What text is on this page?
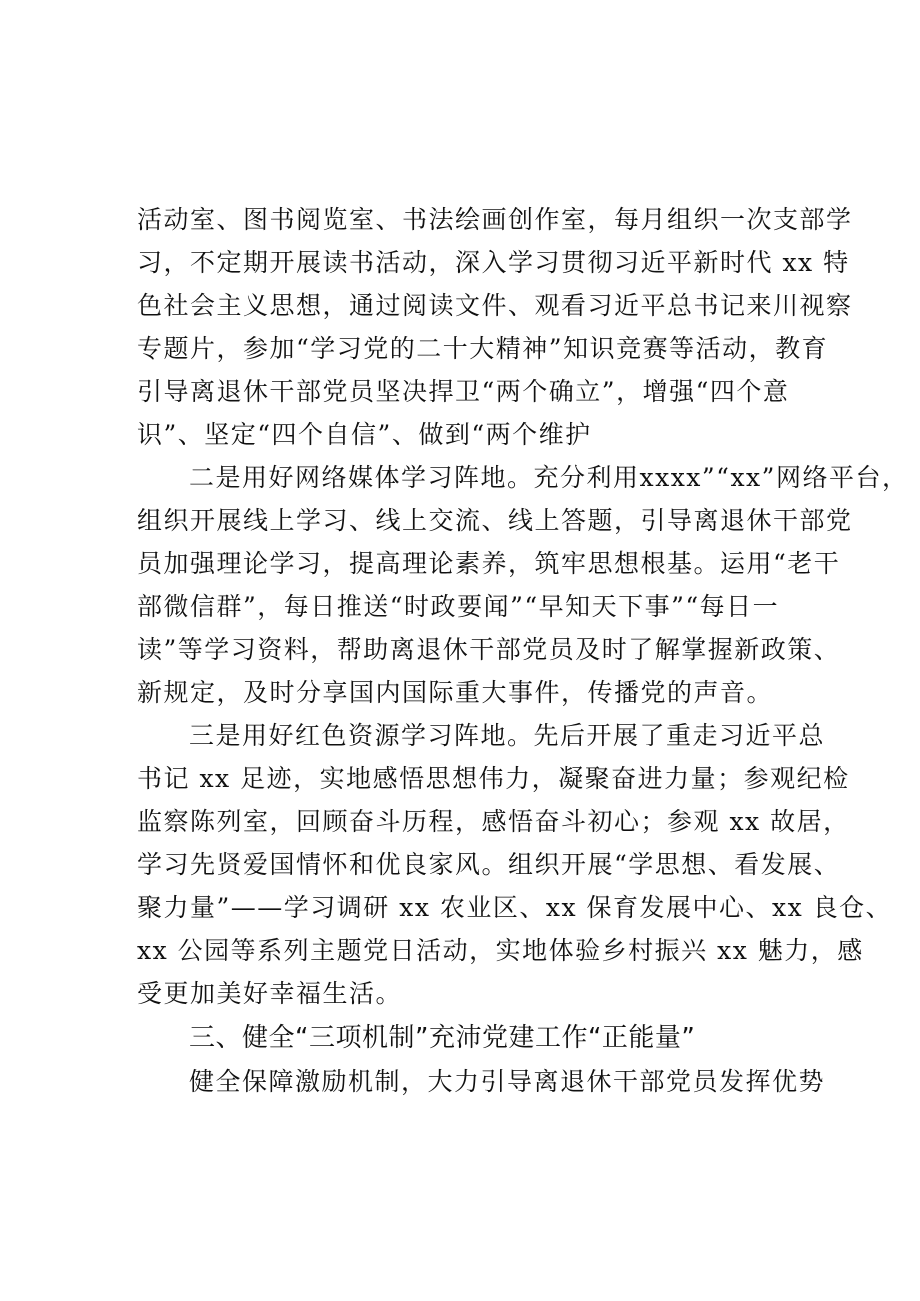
活动室、图书阅览室、书法绘画创作室，每月组织一次支部学
习，不定期开展读书活动，深入学习贯彻习近平新时代 xx 特
色社会主义思想，通过阅读文件、观看习近平总书记来川视察
专题片，参加“学习党的二十大精神”知识竞赛等活动，教育
引导离退休干部党员坚决捍卫“两个确立”，增强“四个意
识”、坚定“四个自信”、做到“两个维护
二是用好网络媒体学习阵地。充分利用xxxx”“xx”网络平台，
组织开展线上学习、线上交流、线上答题，引导离退休干部党
员加强理论学习，提高理论素养，筑牢思想根基。运用“老干
部微信群”，每日推送“时政要闻”“早知天下事”“每日一
读”等学习资料，帮助离退休干部党员及时了解掌握新政策、
新规定，及时分享国内国际重大事件，传播党的声音。
三是用好红色资源学习阵地。先后开展了重走习近平总
书记 xx 足迹，实地感悟思想伟力，凝聚奋进力量；参观纪检
监察陈列室，回顾奋斗历程，感悟奋斗初心；参观 xx 故居，
学习先贤爱国情怀和优良家风。组织开展“学思想、看发展、
聚力量”——学习调研 xx 农业区、xx 保育发展中心、xx 良仓、
xx 公园等系列主题党日活动，实地体验乡村振兴 xx 魅力，感
受更加美好幸福生活。
三、健全“三项机制”充沛党建工作“正能量”
健全保障激励机制，大力引导离退休干部党员发挥优势
